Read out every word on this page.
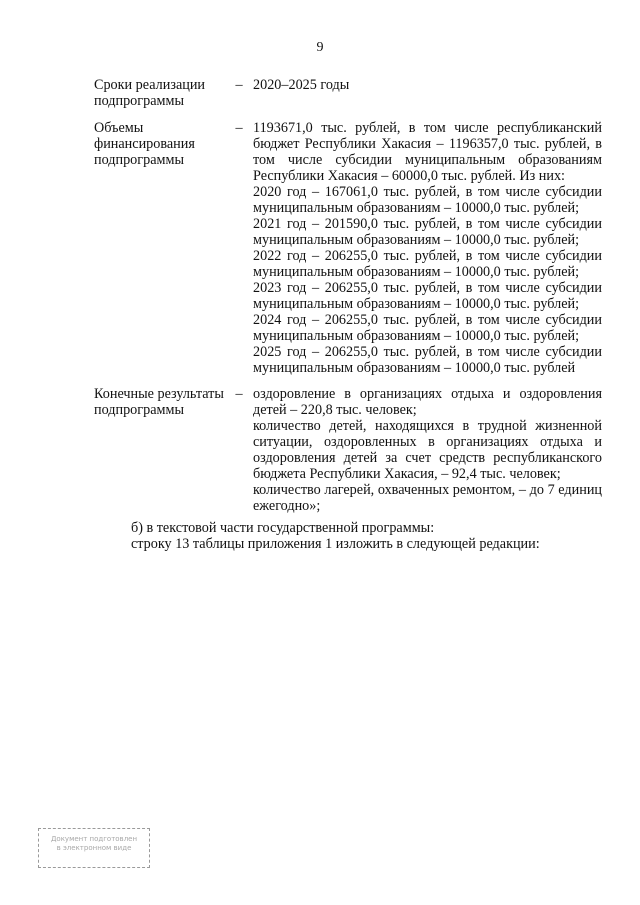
9
Сроки реализации
подпрограммы
– 2020–2025 годы
Объемы
финансирования
подпрограммы
– 1193671,0 тыс. рублей, в том числе республиканский
бюджет Республики Хакасия – 1196357,0 тыс. рублей, в
том числе субсидии муниципальным образованиям
Республики Хакасия – 60000,0 тыс. рублей. Из них:
2020 год – 167061,0 тыс. рублей, в том числе субсидии
муниципальным образованиям – 10000,0 тыс. рублей;
2021 год – 201590,0 тыс. рублей, в том числе субсидии
муниципальным образованиям – 10000,0 тыс. рублей;
2022 год – 206255,0 тыс. рублей, в том числе субсидии
муниципальным образованиям – 10000,0 тыс. рублей;
2023 год – 206255,0 тыс. рублей, в том числе субсидии
муниципальным образованиям – 10000,0 тыс. рублей;
2024 год – 206255,0 тыс. рублей, в том числе субсидии
муниципальным образованиям – 10000,0 тыс. рублей;
2025 год – 206255,0 тыс. рублей, в том числе субсидии
муниципальным образованиям – 10000,0 тыс. рублей
Конечные результаты
подпрограммы
– оздоровление в организациях отдыха и оздоровления
детей – 220,8 тыс. человек;
количество детей, находящихся в трудной жизненной
ситуации, оздоровленных в организациях отдыха и
оздоровления детей за счет средств республиканского
бюджета Республики Хакасия, – 92,4 тыс. человек;
количество лагерей, охваченных ремонтом, – до 7 единиц
ежегодно»;
б) в текстовой части государственной программы:
строку 13 таблицы приложения 1 изложить в следующей редакции:
Документ подготовлен
в электронном виде
